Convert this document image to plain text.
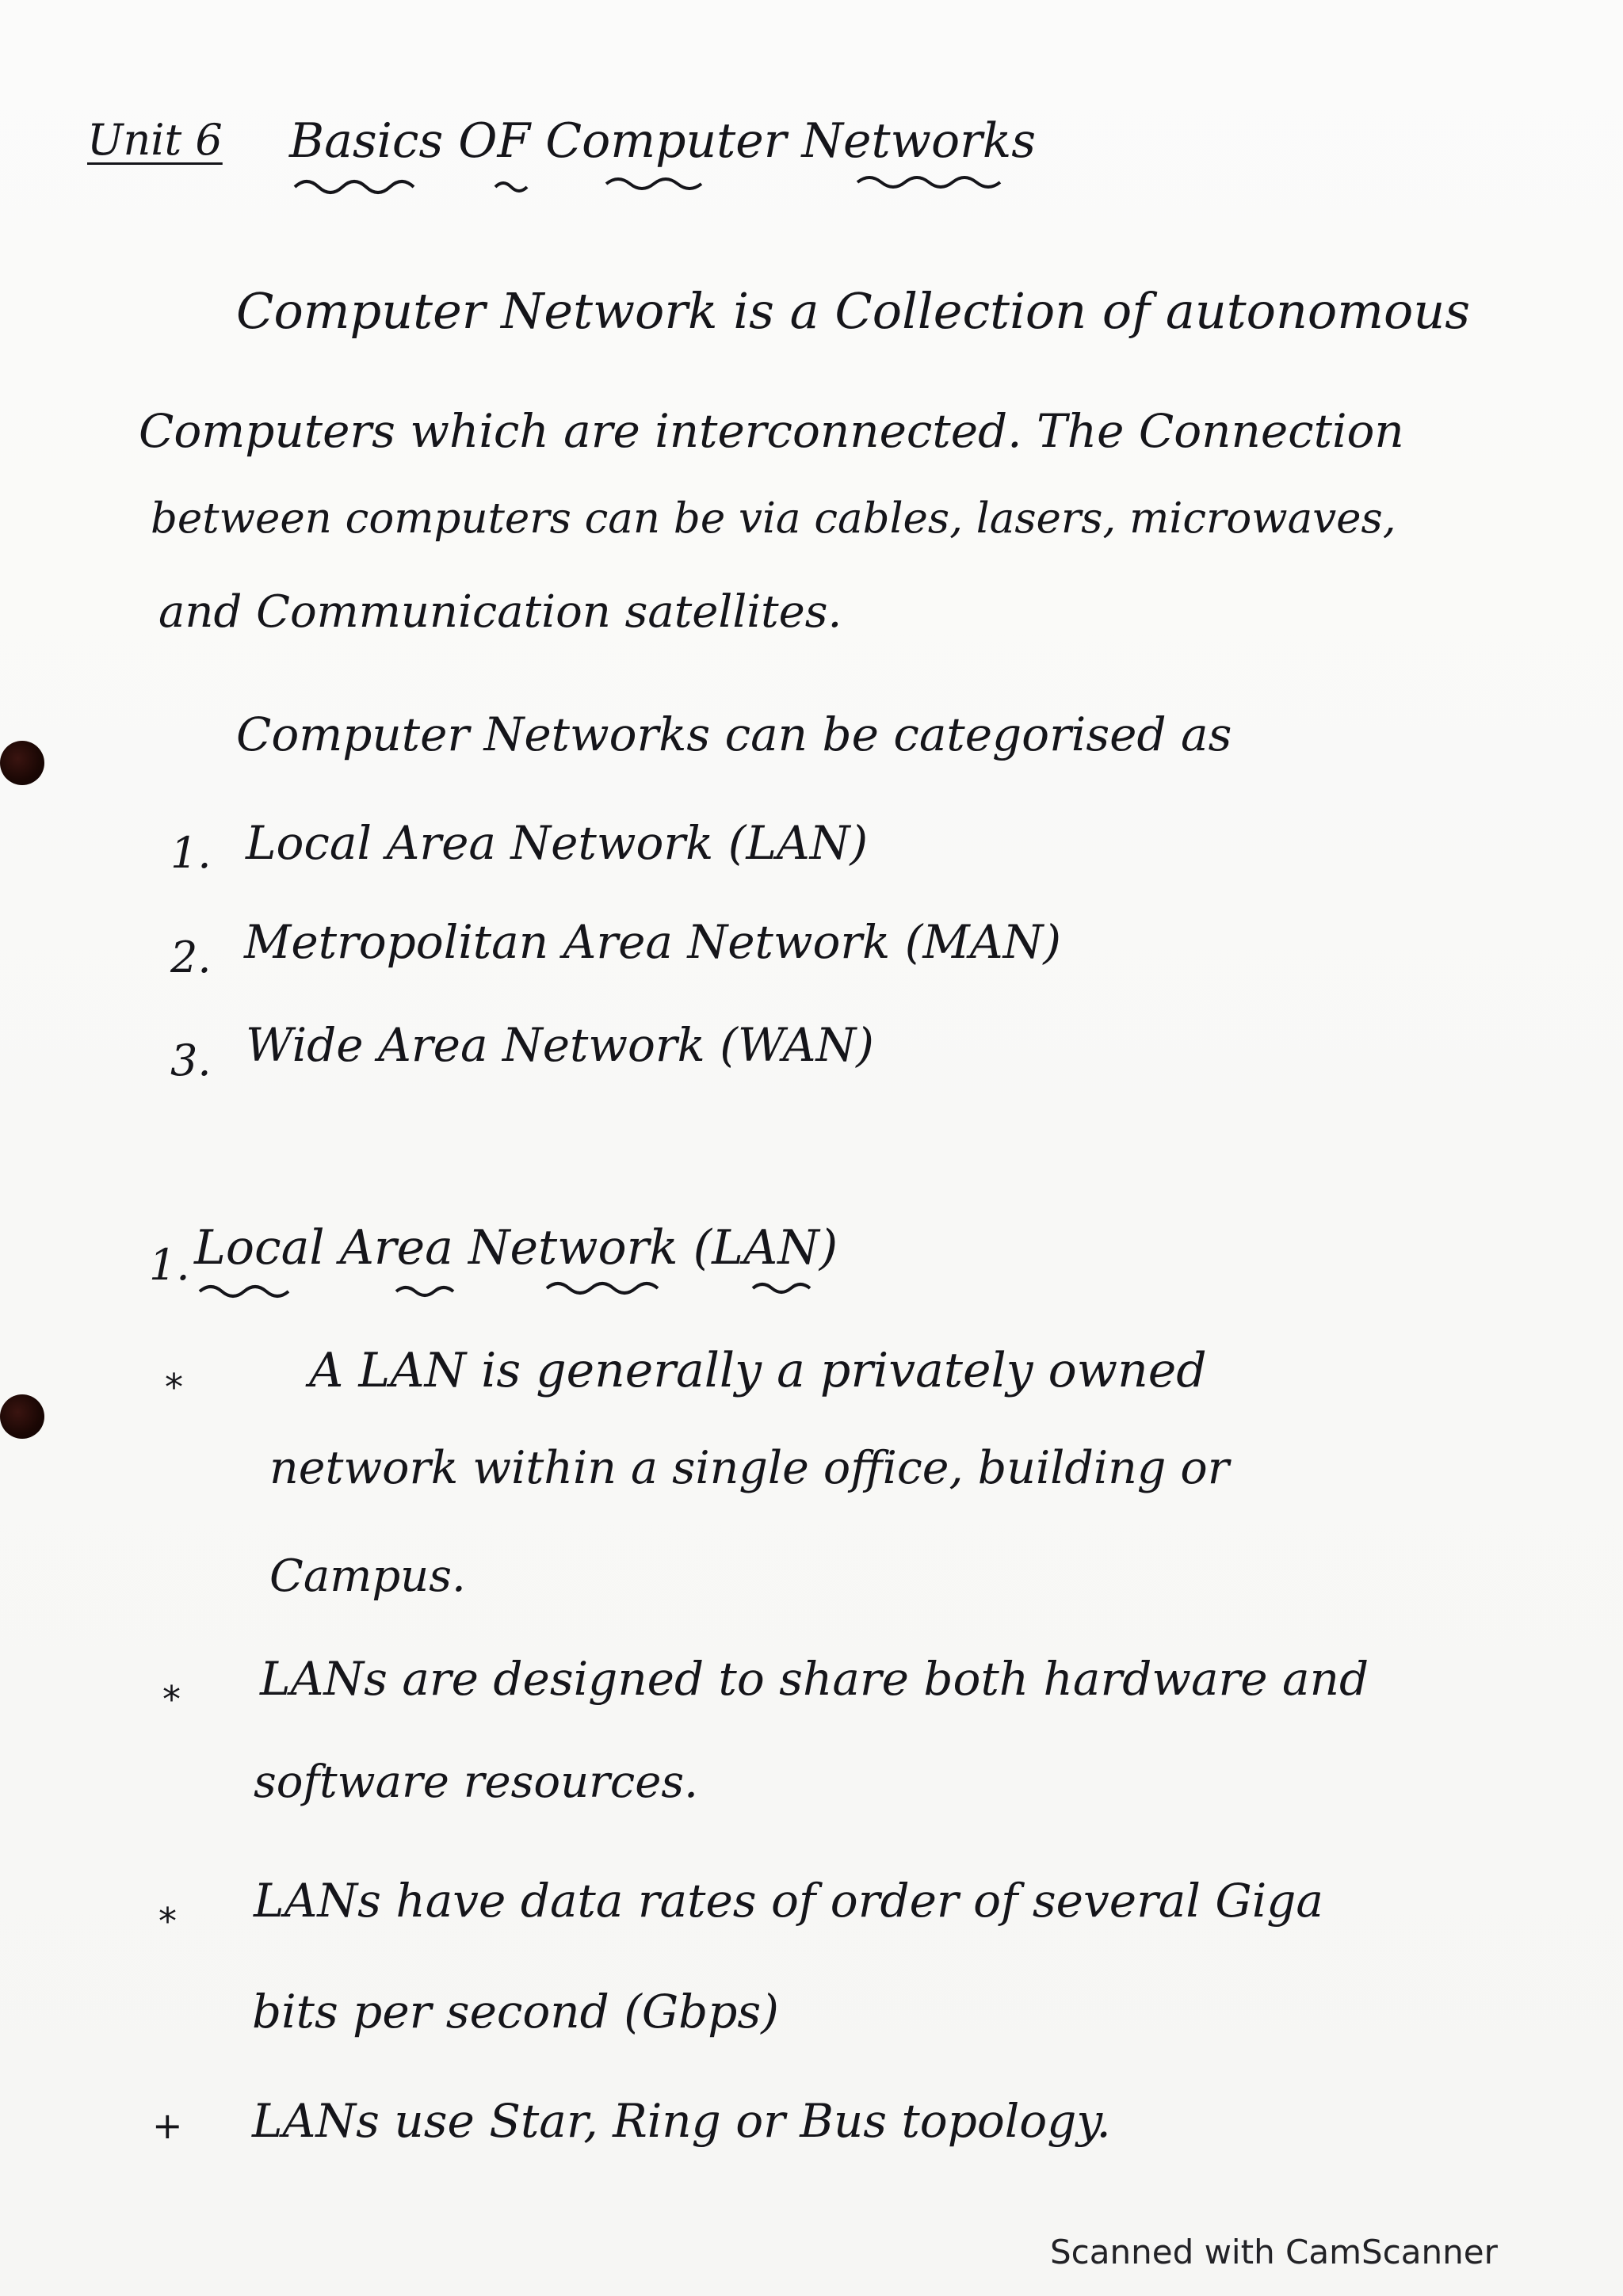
Unit 6 Basics OF Computer Networks
Computer Network is a Collection of autonomous
Computers which are interconnected. The Connection
between computers can be via cables, lasers, microwaves,
and Communication satellites.
Computer Networks can be categorised as
1. Local Area Network (LAN)
2. Metropolitan Area Network (MAN)
3. Wide Area Network (WAN)
1. Local Area Network (LAN)
*	A LAN is generally a privately owned
network within a single office, building or
Campus.
* LANs are designed to share both hardware and
software resources.
* LANs have data rates of order of several Giga
bits per second (Gbps)
+ LANs use Star, Ring or Bus topology.
Scanned with CamScanner
